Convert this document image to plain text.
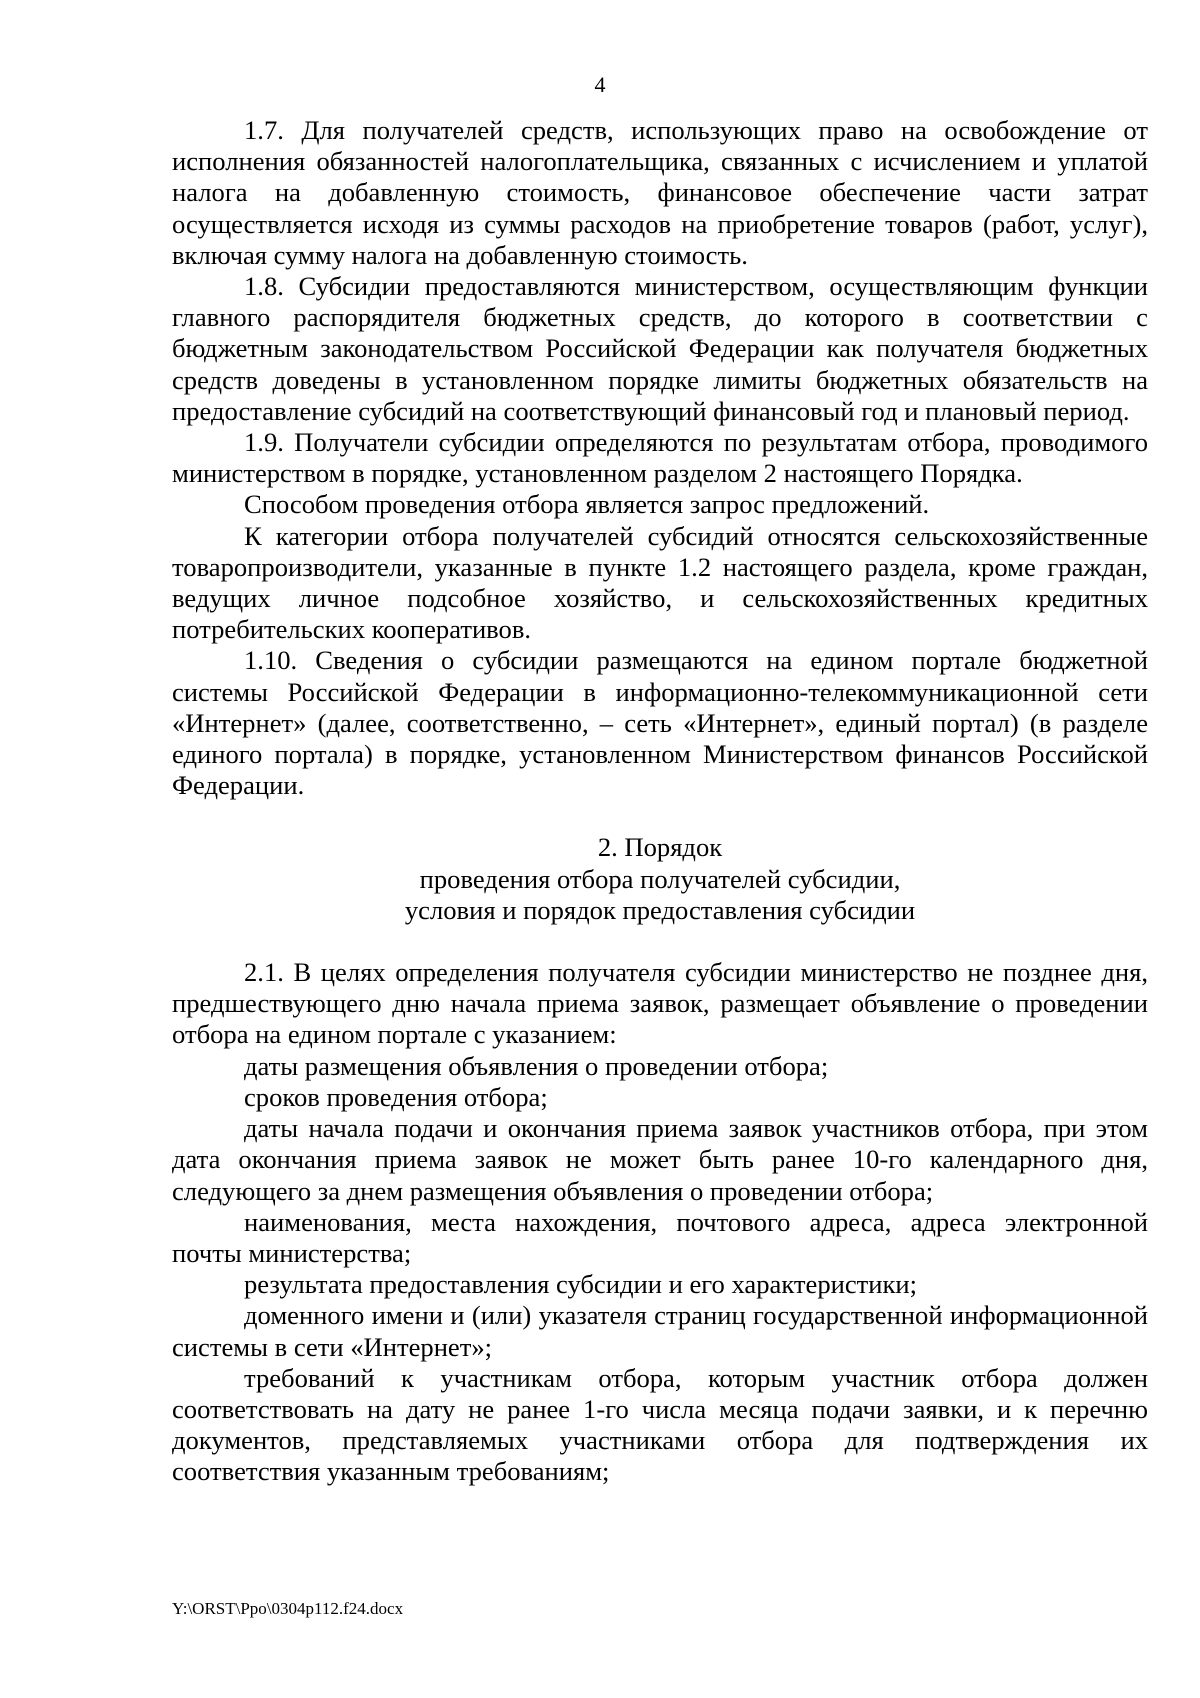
4

1.7. Для получателей средств, использующих право на освобождение от исполнения обязанностей налогоплательщика, связанных с исчислением и уплатой налога на добавленную стоимость, финансовое обеспечение части затрат осуществляется исходя из суммы расходов на приобретение товаров (работ, услуг), включая сумму налога на добавленную стоимость.

1.8. Субсидии предоставляются министерством, осуществляющим функции главного распорядителя бюджетных средств, до которого в соответствии с бюджетным законодательством Российской Федерации как получателя бюджетных средств доведены в установленном порядке лимиты бюджетных обязательств на предоставление субсидий на соответствующий финансовый год и плановый период.

1.9. Получатели субсидии определяются по результатам отбора, проводимого министерством в порядке, установленном разделом 2 настоящего Порядка.

Способом проведения отбора является запрос предложений.

К категории отбора получателей субсидий относятся сельскохозяйственные товаропроизводители, указанные в пункте 1.2 настоящего раздела, кроме граждан, ведущих личное подсобное хозяйство, и сельскохозяйственных кредитных потребительских кооперативов.

1.10. Сведения о субсидии размещаются на едином портале бюджетной системы Российской Федерации в информационно-телекоммуникационной сети «Интернет» (далее, соответственно, – сеть «Интернет», единый портал) (в разделе единого портала) в порядке, установленном Министерством финансов Российской Федерации.

2. Порядок
проведения отбора получателей субсидии,
условия и порядок предоставления субсидии

2.1. В целях определения получателя субсидии министерство не позднее дня, предшествующего дню начала приема заявок, размещает объявление о проведении отбора на едином портале с указанием:

даты размещения объявления о проведении отбора;

сроков проведения отбора;

даты начала подачи и окончания приема заявок участников отбора, при этом дата окончания приема заявок не может быть ранее 10-го календарного дня, следующего за днем размещения объявления о проведении отбора;

наименования, места нахождения, почтового адреса, адреса электронной почты министерства;

результата предоставления субсидии и его характеристики;

доменного имени и (или) указателя страниц государственной информационной системы в сети «Интернет»;

требований к участникам отбора, которым участник отбора должен соответствовать на дату не ранее 1-го числа месяца подачи заявки, и к перечню документов, представляемых участниками отбора для подтверждения их соответствия указанным требованиям;

Y:\ORST\Ppo\0304p112.f24.docx
